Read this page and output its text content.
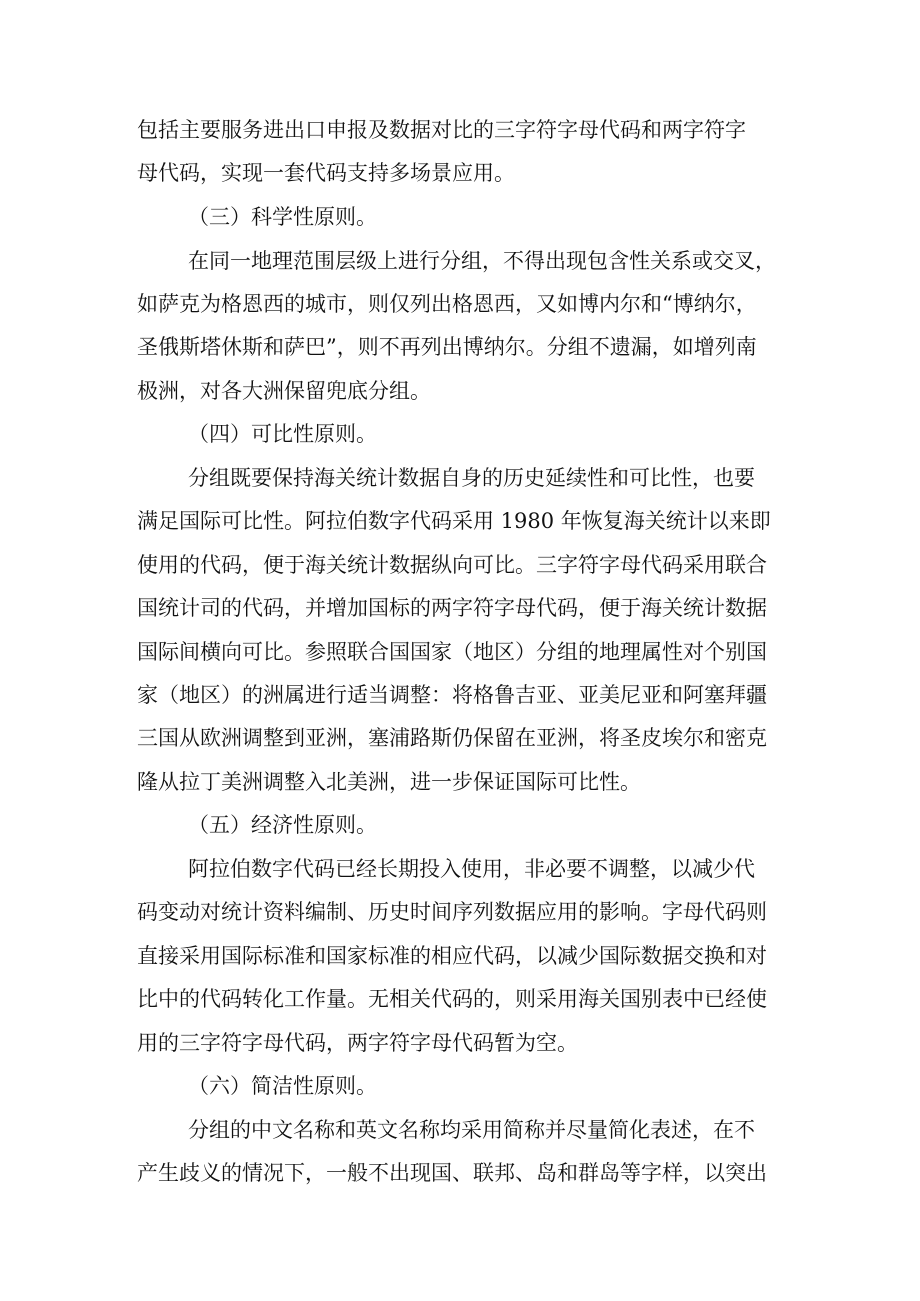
包括主要服务进出口申报及数据对比的三字符字母代码和两字符字
母代码，实现一套代码支持多场景应用。
（三）科学性原则。
在同一地理范围层级上进行分组，不得出现包含性关系或交叉，
如萨克为格恩西的城市，则仅列出格恩西，又如博内尔和“博纳尔，
圣俄斯塔休斯和萨巴”，则不再列出博纳尔。分组不遗漏，如增列南
极洲，对各大洲保留兜底分组。
（四）可比性原则。
分组既要保持海关统计数据自身的历史延续性和可比性，也要
满足国际可比性。阿拉伯数字代码采用 1980 年恢复海关统计以来即
使用的代码，便于海关统计数据纵向可比。三字符字母代码采用联合
国统计司的代码，并增加国标的两字符字母代码，便于海关统计数据
国际间横向可比。参照联合国国家（地区）分组的地理属性对个别国
家（地区）的洲属进行适当调整：将格鲁吉亚、亚美尼亚和阿塞拜疆
三国从欧洲调整到亚洲，塞浦路斯仍保留在亚洲，将圣皮埃尔和密克
隆从拉丁美洲调整入北美洲，进一步保证国际可比性。
（五）经济性原则。
阿拉伯数字代码已经长期投入使用，非必要不调整，以减少代
码变动对统计资料编制、历史时间序列数据应用的影响。字母代码则
直接采用国际标准和国家标准的相应代码，以减少国际数据交换和对
比中的代码转化工作量。无相关代码的，则采用海关国别表中已经使
用的三字符字母代码，两字符字母代码暂为空。
（六）简洁性原则。
分组的中文名称和英文名称均采用简称并尽量简化表述，在不
产生歧义的情况下，一般不出现国、联邦、岛和群岛等字样，以突出
